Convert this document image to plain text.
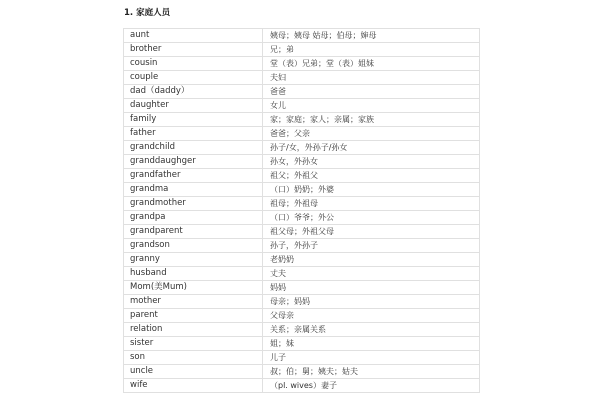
1. 家庭人员
aunt	姨母；姨母 姑母；伯母；婶母
brother	兄；弟
cousin	堂（表）兄弟；堂（表）姐妹
couple	夫妇
dad（daddy）	爸爸
daughter	女儿
family	家；家庭；家人；亲属；家族
father	爸爸；父亲
grandchild	孙子/女，外孙子/孙女
granddaughger	孙女，外孙女
grandfather	祖父；外祖父
grandma	（口）奶奶；外婆
grandmother	祖母；外祖母
grandpa	（口）爷爷；外公
grandparent	祖父母；外祖父母
grandson	孙子，外孙子
granny	老奶奶
husband	丈夫
Mom(美Mum)	妈妈
mother	母亲；妈妈
parent	父母亲
relation	关系；亲属关系
sister	姐；妹
son	儿子
uncle	叔；伯；舅；姨夫；姑夫
wife	（pl. wives）妻子
